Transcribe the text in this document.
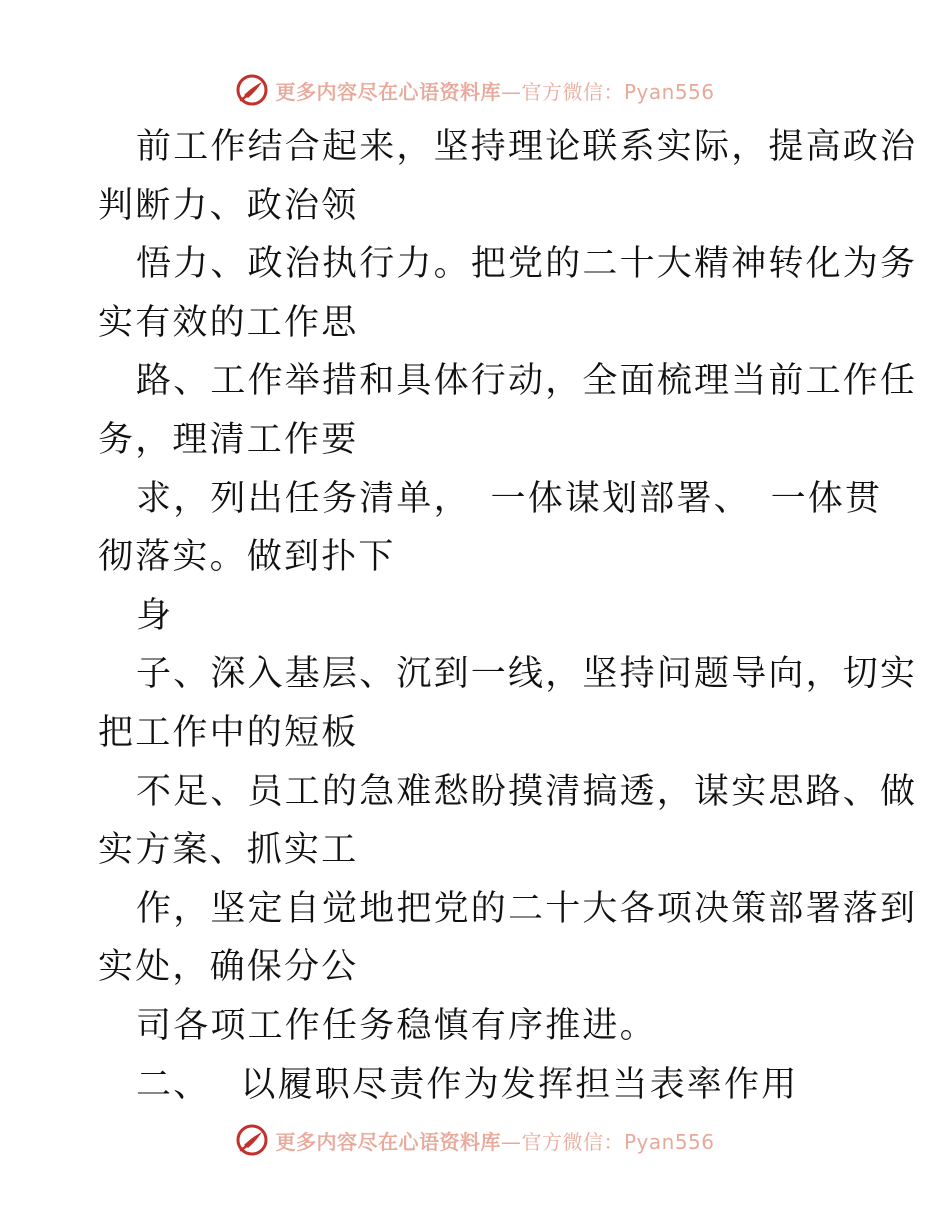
更多内容尽在心语资料库—官方微信：Pyan556
前工作结合起来，坚持理论联系实际，提高政治
判断力、政治领
悟力、政治执行力。把党的二十大精神转化为务
实有效的工作思
路、工作举措和具体行动，全面梳理当前工作任
务，理清工作要
求，列出任务清单，　一体谋划部署、　一体贯
彻落实。做到扑下
身
子、深入基层、沉到一线，坚持问题导向，切实
把工作中的短板
不足、员工的急难愁盼摸清搞透，谋实思路、做
实方案、抓实工
作，坚定自觉地把党的二十大各项决策部署落到
实处，确保分公
司各项工作任务稳慎有序推进。
二、 以履职尽责作为发挥担当表率作用
更多内容尽在心语资料库—官方微信：Pyan556
